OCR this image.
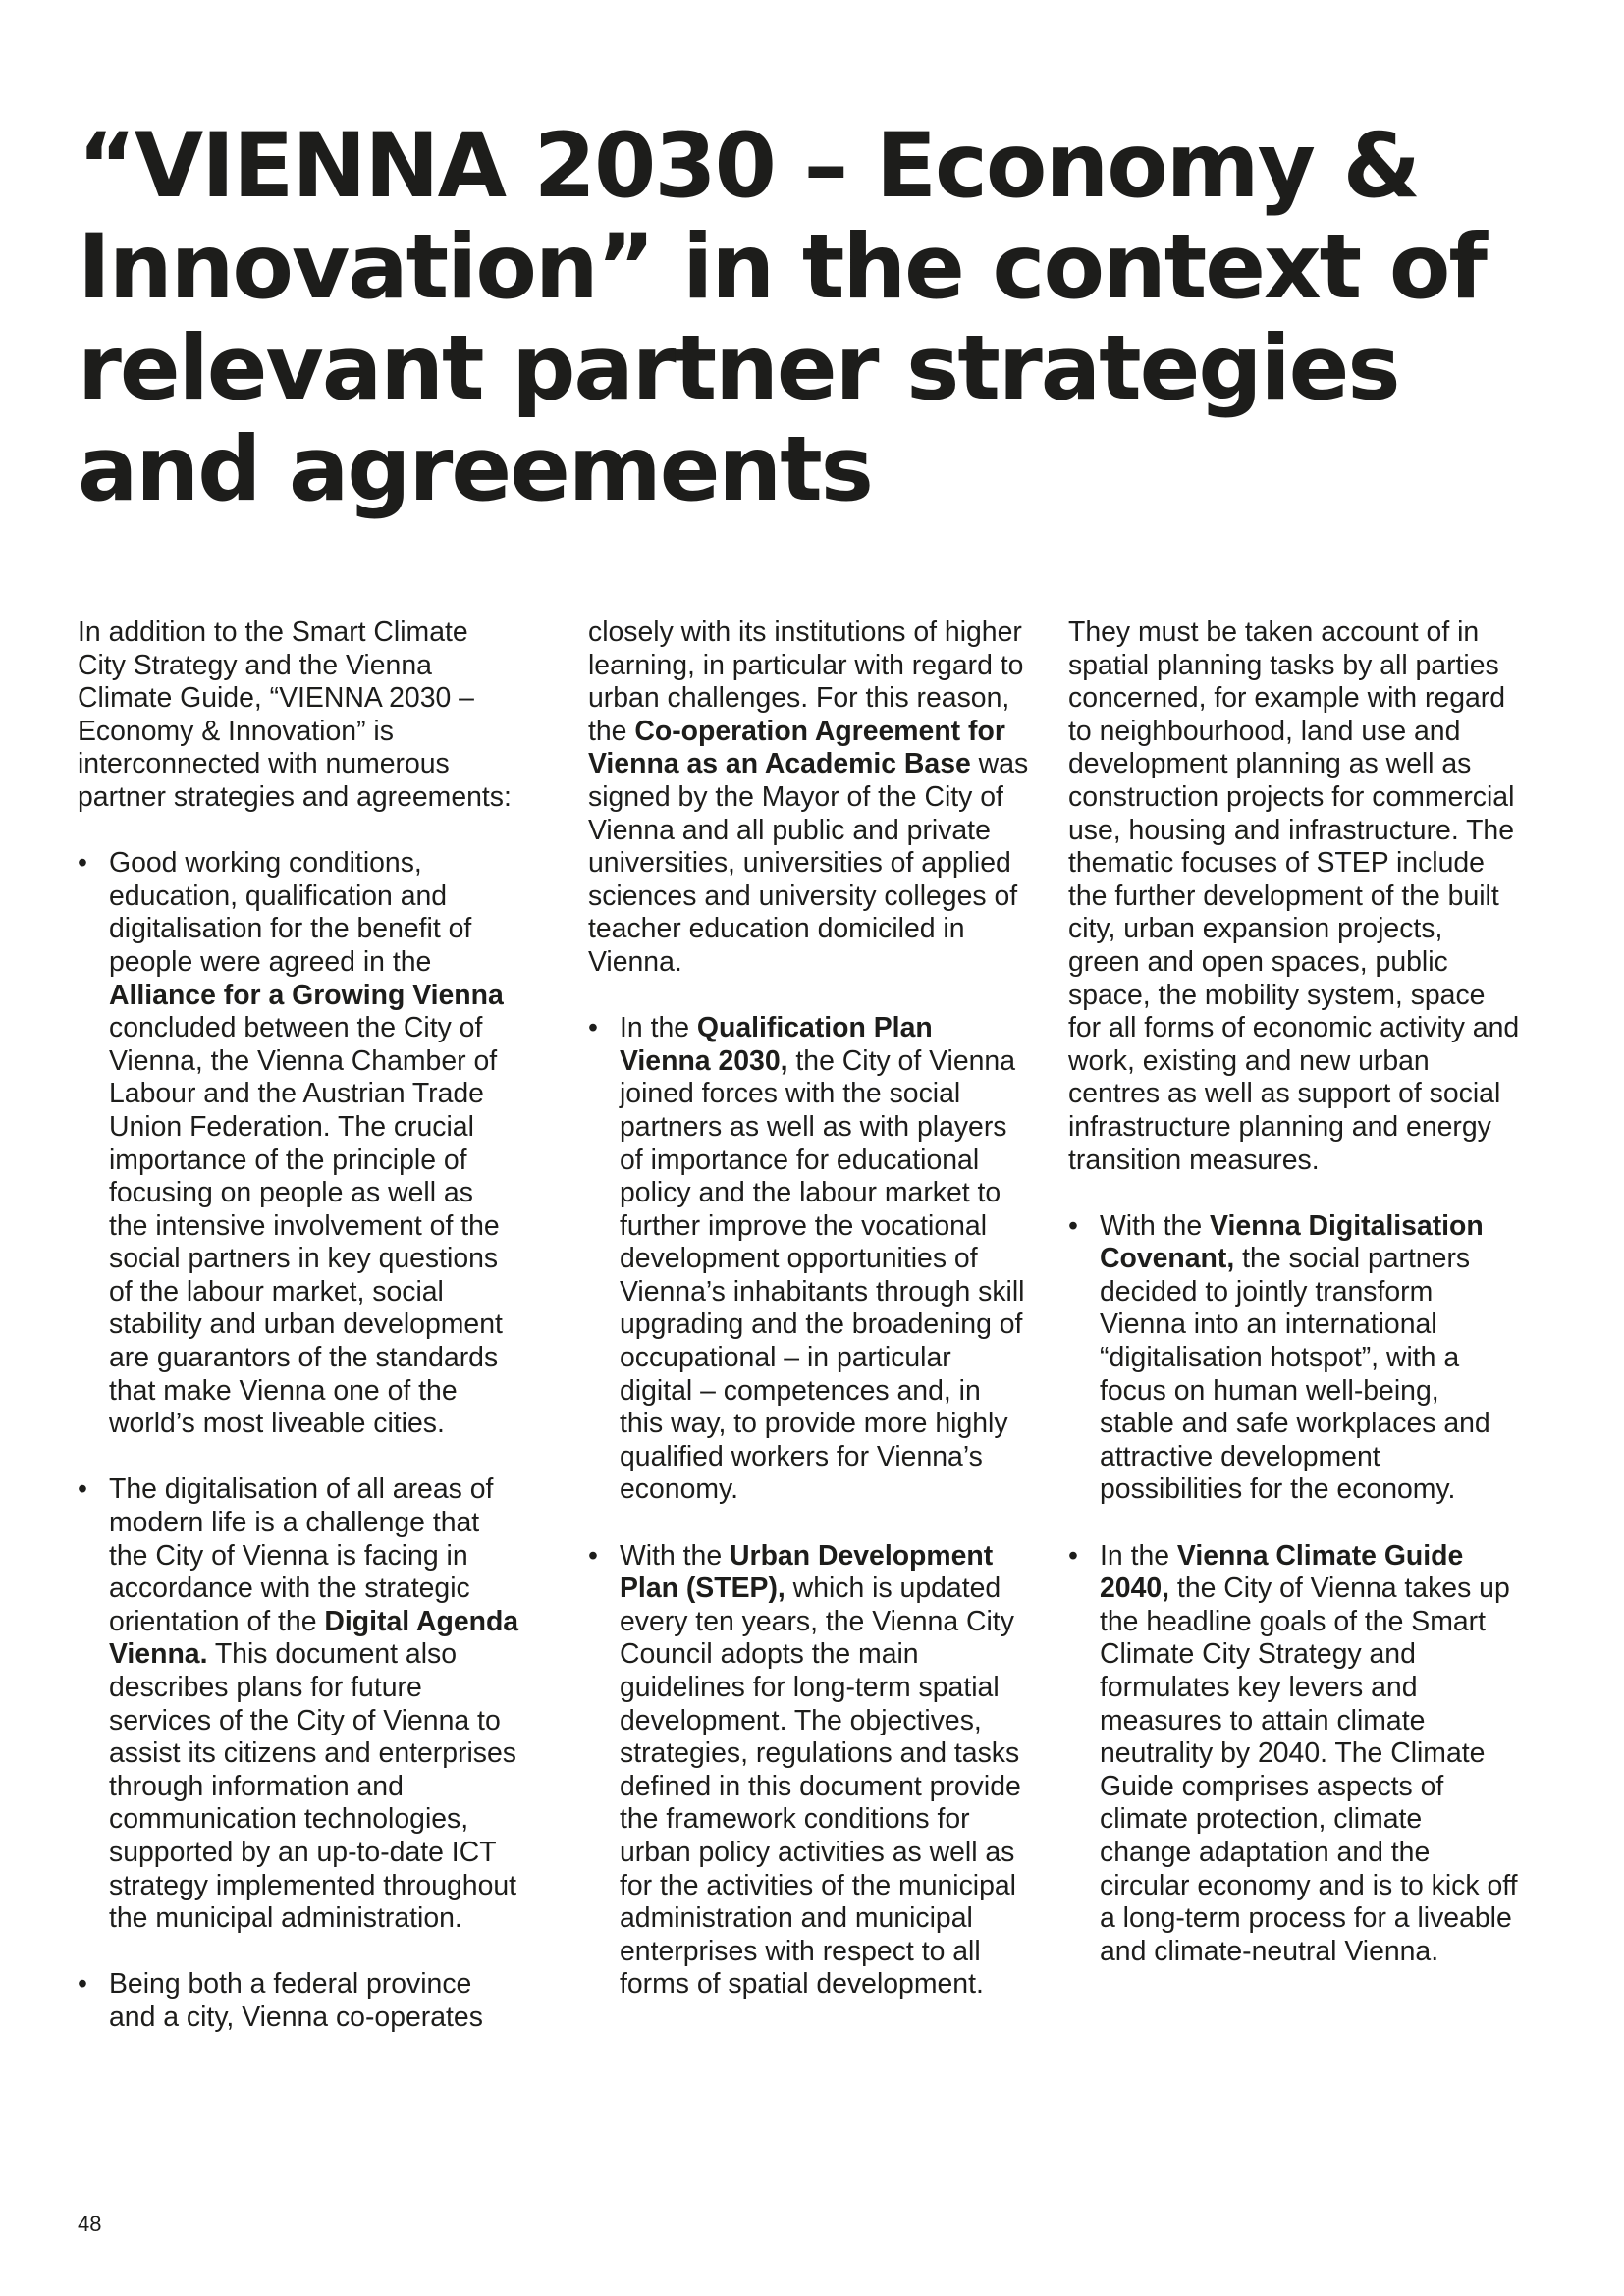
“VIENNA 2030 – Economy & Innovation” in the context of relevant partner strategies and agreements

In addition to the Smart Climate City Strategy and the Vienna Climate Guide, “VIENNA 2030 – Economy & Innovation” is interconnected with numerous partner strategies and agreements:

• Good working conditions, education, qualification and digitalisation for the benefit of people were agreed in the Alliance for a Growing Vienna concluded between the City of Vienna, the Vienna Chamber of Labour and the Austrian Trade Union Federation. The crucial importance of the principle of focusing on people as well as the intensive involvement of the social partners in key questions of the labour market, social stability and urban development are guarantors of the standards that make Vienna one of the world’s most liveable cities.

• The digitalisation of all areas of modern life is a challenge that the City of Vienna is facing in accordance with the strategic orientation of the Digital Agenda Vienna. This document also describes plans for future services of the City of Vienna to assist its citizens and enterprises through information and communication technologies, supported by an up-to-date ICT strategy implemented throughout the municipal administration.

• Being both a federal province and a city, Vienna co-operates

closely with its institutions of higher learning, in particular with regard to urban challenges. For this reason, the Co-operation Agreement for Vienna as an Academic Base was signed by the Mayor of the City of Vienna and all public and private universities, universities of applied sciences and university colleges of teacher education domiciled in Vienna.

• In the Qualification Plan Vienna 2030, the City of Vienna joined forces with the social partners as well as with players of importance for educational policy and the labour market to further improve the vocational development opportunities of Vienna’s inhabitants through skill upgrading and the broadening of occupational – in particular digital – competences and, in this way, to provide more highly qualified workers for Vienna’s economy.

• With the Urban Development Plan (STEP), which is updated every ten years, the Vienna City Council adopts the main guidelines for long-term spatial development. The objectives, strategies, regulations and tasks defined in this document provide the framework conditions for urban policy activities as well as for the activities of the municipal administration and municipal enterprises with respect to all forms of spatial development.

They must be taken account of in spatial planning tasks by all parties concerned, for example with regard to neighbourhood, land use and development planning as well as construction projects for commercial use, housing and infrastructure. The thematic focuses of STEP include the further development of the built city, urban expansion projects, green and open spaces, public space, the mobility system, space for all forms of economic activity and work, existing and new urban centres as well as support of social infrastructure planning and energy transition measures.

• With the Vienna Digitalisation Covenant, the social partners decided to jointly transform Vienna into an international “digitalisation hotspot”, with a focus on human well-being, stable and safe workplaces and attractive development possibilities for the economy.

• In the Vienna Climate Guide 2040, the City of Vienna takes up the headline goals of the Smart Climate City Strategy and formulates key levers and measures to attain climate neutrality by 2040. The Climate Guide comprises aspects of climate protection, climate change adaptation and the circular economy and is to kick off a long-term process for a liveable and climate-neutral Vienna.

48
